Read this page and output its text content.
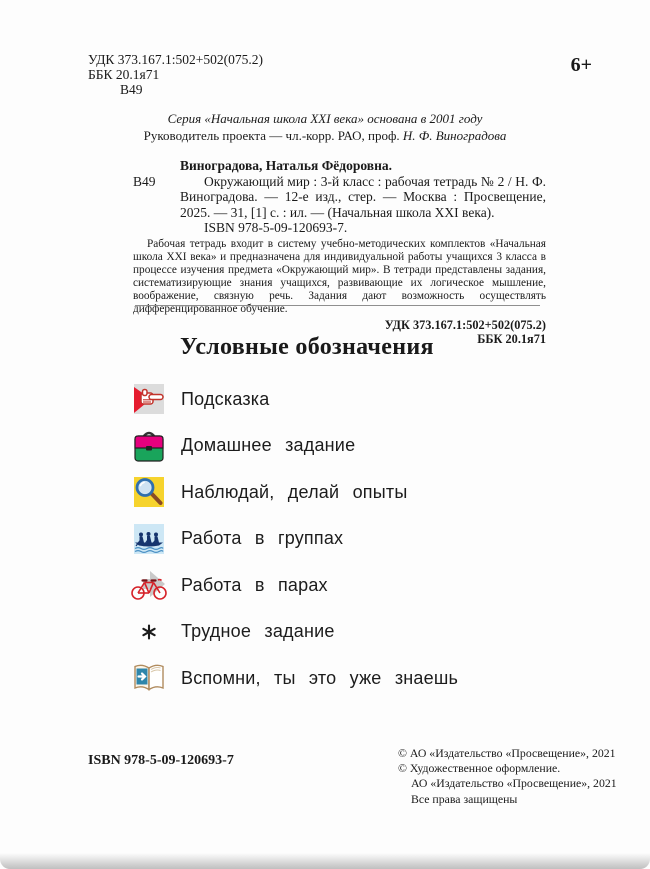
УДК 373.167.1:502+502(075.2)
ББК 20.1я71
В49
6+
Серия «Начальная школа XXI века» основана в 2001 году
Руководитель проекта — чл.-корр. РАО, проф. Н. Ф. Виноградова
Виноградова, Наталья Фёдоровна.
В49	Окружающий мир : 3-й класс : рабочая тетрадь № 2 / Н. Ф. Виноградова. — 12-е изд., стер. — Москва : Просвещение, 2025. — 31, [1] с. : ил. — (Начальная школа XXI века).
ISBN 978-5-09-120693-7.
Рабочая тетрадь входит в систему учебно-методических комплектов «Начальная школа XXI века» и предназначена для индивидуальной работы учащихся 3 класса в процессе изучения предмета «Окружающий мир». В тетради представлены задания, систематизирующие знания учащихся, развивающие их логическое мышление, воображение, связную речь. Задания дают возможность осуществлять дифференцированное обучение.
УДК 373.167.1:502+502(075.2)
ББК 20.1я71
Условные обозначения
Подсказка
Домашнее задание
Наблюдай, делай опыты
Работа в группах
Работа в парах
Трудное задание
Вспомни, ты это уже знаешь
ISBN 978-5-09-120693-7	© АО «Издательство «Просвещение», 2021
© Художественное оформление.
АО «Издательство «Просвещение», 2021
Все права защищены
